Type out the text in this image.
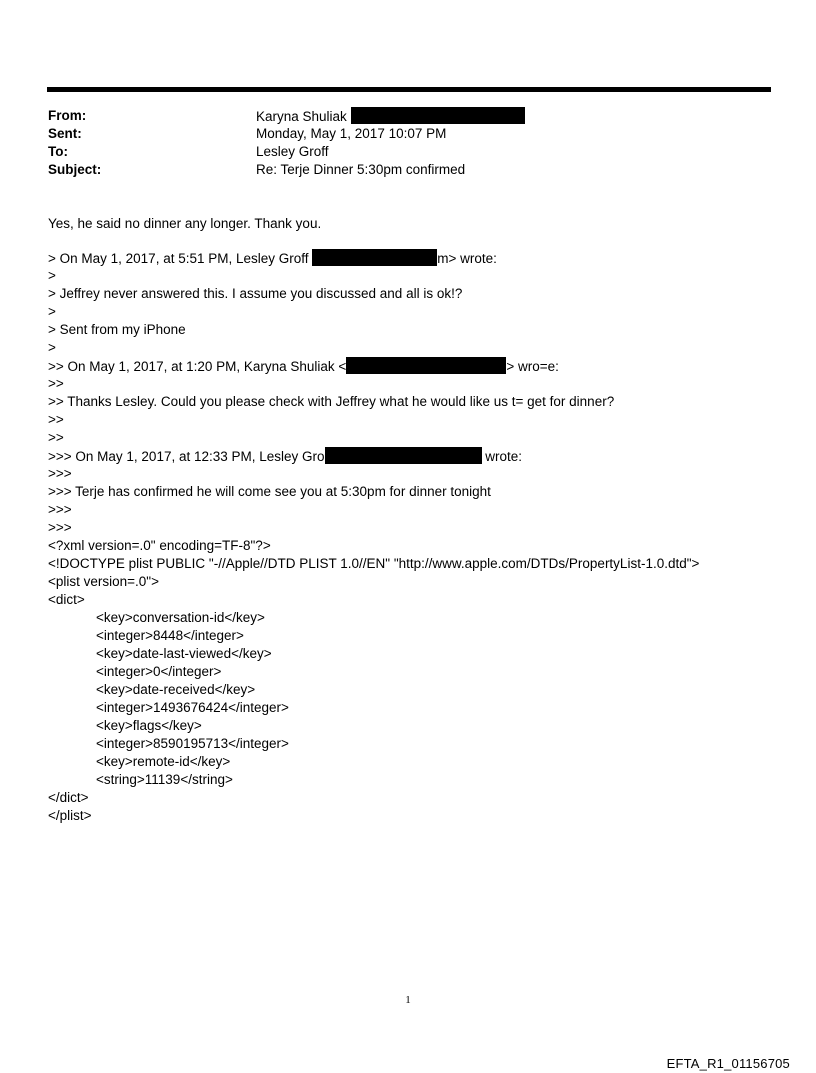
From:	Karyna Shuliak
Sent:	Monday, May 1, 2017 10:07 PM
To:	Lesley Groff
Subject:	Re: Terje Dinner 5:30pm confirmed
Yes, he said no dinner any longer. Thank you.
> On May 1, 2017, at 5:51 PM, Lesley Groff	m> wrote:
>
> Jeffrey never answered this. I assume you discussed and all is ok!?
>
> Sent from my iPhone
>
>> On May 1, 2017, at 1:20 PM, Karyna Shuliak <	> wro=e:
>>
>> Thanks Lesley. Could you please check with Jeffrey what he would like us t= get for dinner?
>>
>>
>>> On May 1, 2017, at 12:33 PM, Lesley Gro	wrote:
>>>
>>> Terje has confirmed he will come see you at 5:30pm for dinner tonight
>>>
>>>
<?xml version=.0" encoding=TF-8"?>
<!DOCTYPE plist PUBLIC "-//Apple//DTD PLIST 1.0//EN" "http://www.apple.com/DTDs/PropertyList-1.0.dtd">
<plist version=.0">
<dict>
<key>conversation-id</key>
<integer>8448</integer>
<key>date-last-viewed</key>
<integer>0</integer>
<key>date-received</key>
<integer>1493676424</integer>
<key>flags</key>
<integer>8590195713</integer>
<key>remote-id</key>
<string>11139</string>
</dict>
</plist>
1
EFTA_R1_01156705
